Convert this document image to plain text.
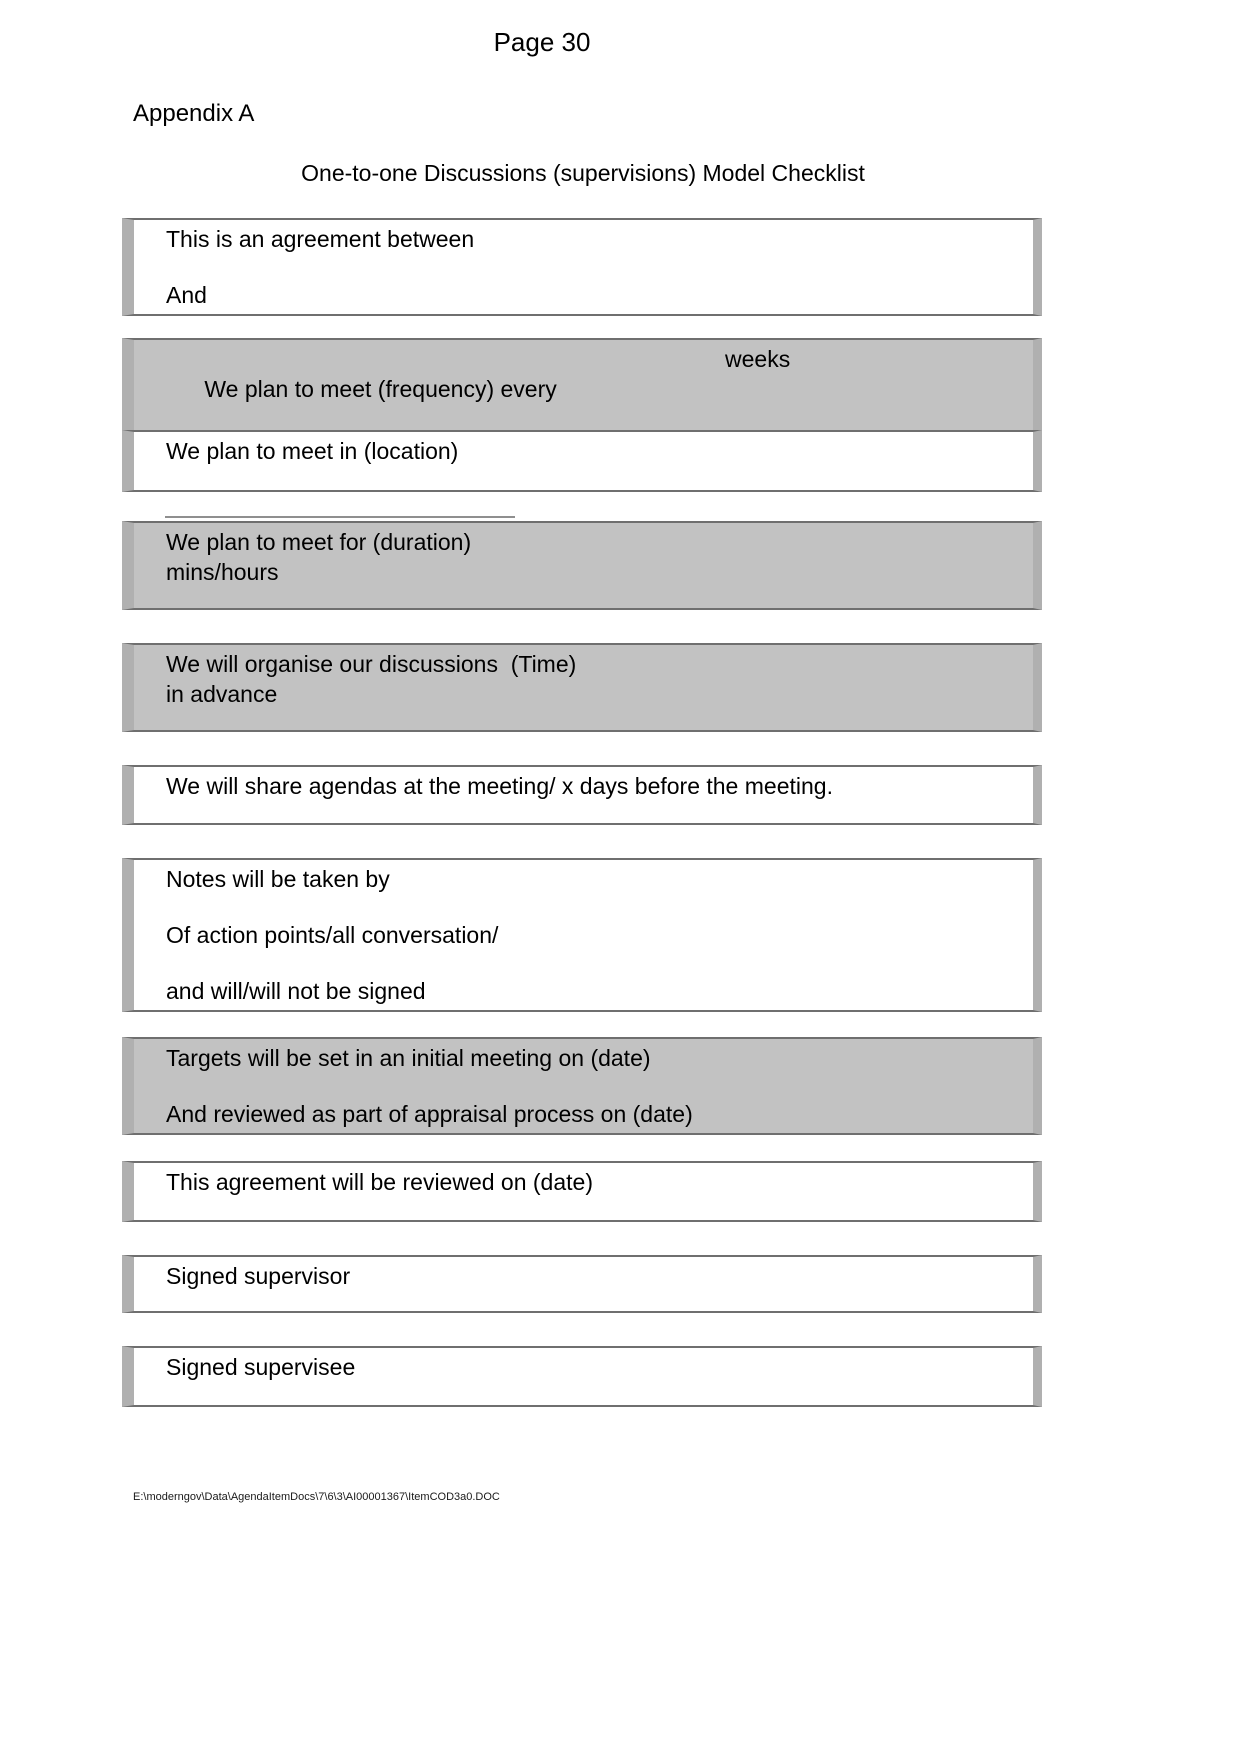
Page 30
Appendix A
One-to-one Discussions (supervisions) Model Checklist
This is an agreement between
And

We plan to meet (frequency) every

weeks

We plan to meet in (location)
We plan to meet for (duration)
mins/hours
We will organise our discussions  (Time)
in advance
We will share agendas at the meeting/ x days before the meeting.
Notes will be taken by
Of action points/all conversation/
and will/will not be signed
Targets will be set in an initial meeting on (date)
And reviewed as part of appraisal process on (date)
This agreement will be reviewed on (date)
Signed supervisor
Signed supervisee
E:\moderngov\Data\AgendaItemDocs\7\6\3\AI00001367\ItemCOD3a0.DOC
